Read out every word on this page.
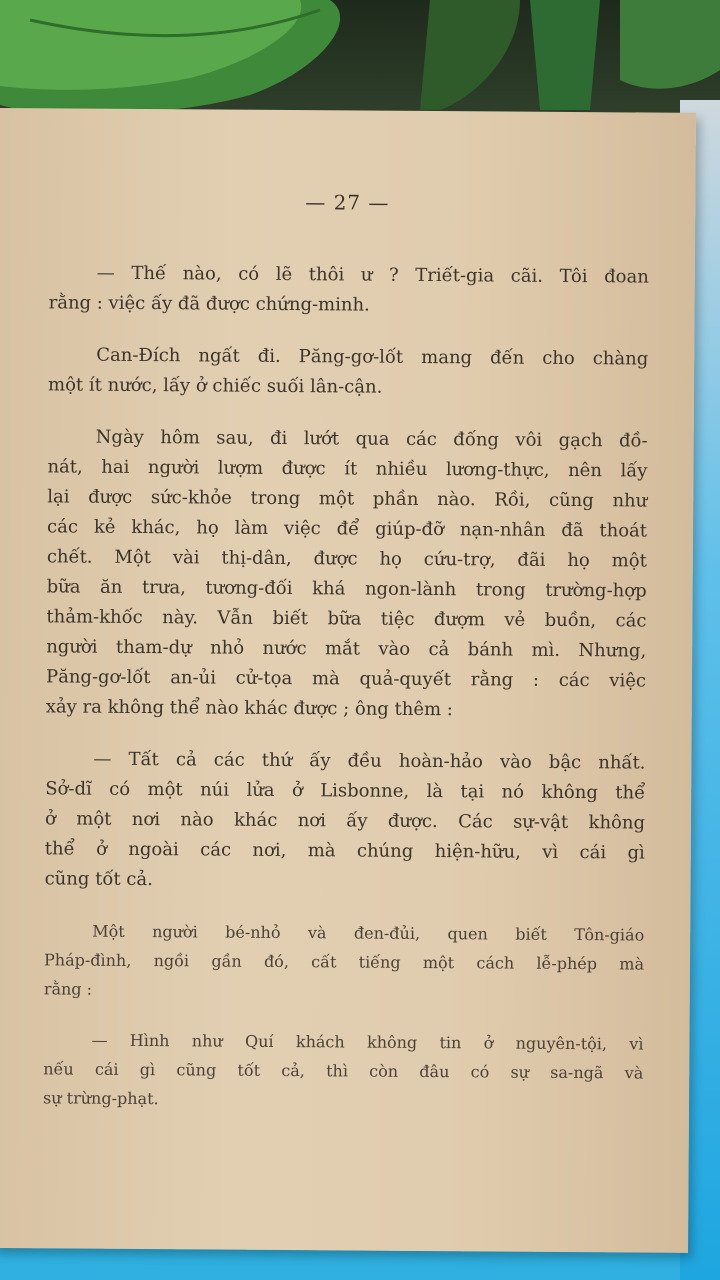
— 27 —
— Thế nào, có lẽ thôi ư ? Triết-gia cãi. Tôi đoan
rằng : việc ấy đã được chứng-minh.
Can-Đích ngất đi. Păng-gơ-lốt mang đến cho chàng
một ít nước, lấy ở chiếc suối lân-cận.
Ngày hôm sau, đi lướt qua các đống vôi gạch đồ-
nát, hai người lượm được ít nhiều lương-thực, nên lấy
lại được sức-khỏe trong một phần nào. Rồi, cũng như
các kẻ khác, họ làm việc để giúp-đỡ nạn-nhân đã thoát
chết. Một vài thị-dân, được họ cứu-trợ, đãi họ một
bữa ăn trưa, tương-đối khá ngon-lành trong trường-hợp
thảm-khốc này. Vẫn biết bữa tiệc đượm vẻ buồn, các
người tham-dự nhỏ nước mắt vào cả bánh mì. Nhưng,
Păng-gơ-lốt an-ủi cử-tọa mà quả-quyết rằng : các việc
xảy ra không thể nào khác được ; ông thêm :
— Tất cả các thứ ấy đều hoàn-hảo vào bậc nhất.
Sở-dĩ có một núi lửa ở Lisbonne, là tại nó không thể
ở một nơi nào khác nơi ấy được. Các sự-vật không
thể ở ngoài các nơi, mà chúng hiện-hữu, vì cái gì
cũng tốt cả.
Một người bé-nhỏ và đen-đủi, quen biết Tôn-giáo
Pháp-đình, ngồi gần đó, cất tiếng một cách lễ-phép mà
rằng :
— Hình như Quí khách không tin ở nguyên-tội, vì
nếu cái gì cũng tốt cả, thì còn đâu có sự sa-ngã và
sự trừng-phạt.
